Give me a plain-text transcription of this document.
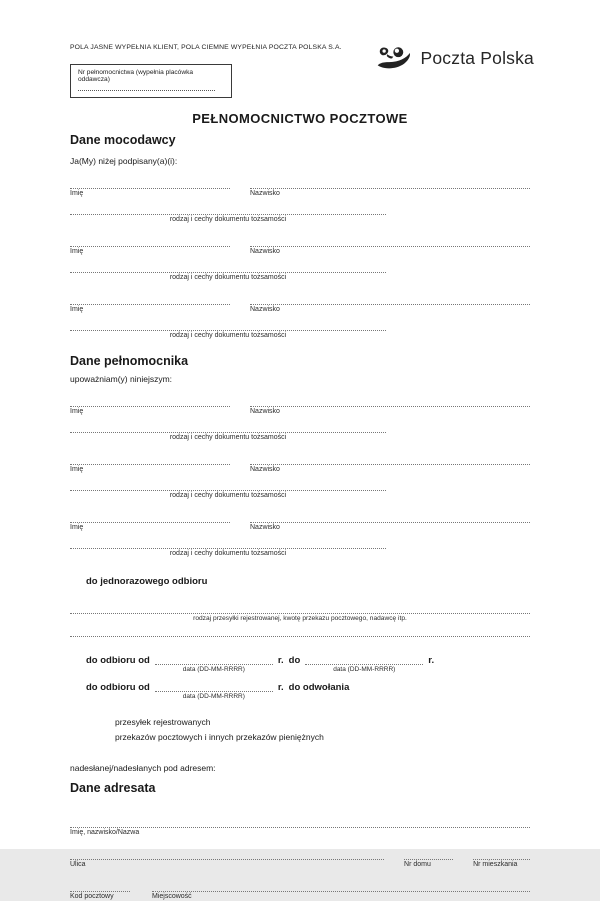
POLA JASNE WYPEŁNIA KLIENT, POLA CIEMNE WYPEŁNIA POCZTA POLSKA S.A.	Poczta Polska
Nr pełnomocnictwa (wypełnia placówka oddawcza)
PEŁNOMOCNICTWO POCZTOWE
Dane mocodawcy
Ja(My) niżej podpisany(a)(i):
Imię	Nazwisko
rodzaj i cechy dokumentu tożsamości
Imię	Nazwisko
rodzaj i cechy dokumentu tożsamości
Imię	Nazwisko
rodzaj i cechy dokumentu tożsamości
Dane pełnomocnika
upoważniam(y) niniejszym:
Imię	Nazwisko
rodzaj i cechy dokumentu tożsamości
Imię	Nazwisko
rodzaj i cechy dokumentu tożsamości
Imię	Nazwisko
rodzaj i cechy dokumentu tożsamości
do jednorazowego odbioru
rodzaj przesyłki rejestrowanej, kwotę przekazu pocztowego, nadawcę itp.
do odbioru od
data (DD-MM-RRRR)
r. do
data (DD-MM-RRRR)
r.
do odbioru od
data (DD-MM-RRRR)
r. do odwołania
przesyłek rejestrowanych
przekazów pocztowych i innych przekazów pieniężnych
nadesłanej/nadesłanych pod adresem:
Dane adresata
Imię, nazwisko/Nazwa
Ulica	Nr domu	Nr mieszkania
Kod pocztowy	Miejscowość
